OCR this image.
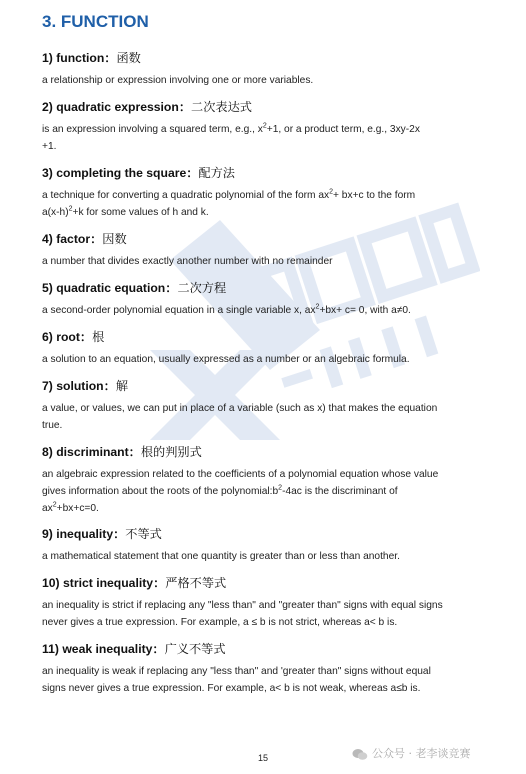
3. FUNCTION
1) function：函数
a relationship or expression involving one or more variables.
2) quadratic expression：二次表达式
is an expression involving a squared term, e.g., $x^2+1$, or a product term, e.g., 3xy-2x
+1.
3) completing the square：配方法
a technique for converting a quadratic polynomial of the form $ax^2+ bx+c$ to the form
$a(x-h)^2+k$ for some values of h and k.
4) factor：因数
a number that divides exactly another number with no remainder
5) quadratic equation：二次方程
a second-order polynomial equation in a single variable x, $ax^2+bx+ c= 0$, with a≠0.
6) root：根
a solution to an equation, usually expressed as a number or an algebraic formula.
7) solution：解
a value, or values, we can put in place of a variable (such as x) that makes the equation
true.
8) discriminant：根的判别式
an algebraic expression related to the coefficients of a polynomial equation whose value
gives information about the roots of the $polynomial:b^2-4ac$ is the discriminant of
$ax^2+bx+c=0$.
9) inequality：不等式
a mathematical statement that one quantity is greater than or less than another.
10) strict inequality：严格不等式
an inequality is strict if replacing any "less than" and "greater than" signs with equal signs
never gives a true expression. For example, a ≤ b is not strict, whereas a< b is.
11) weak inequality：广义不等式
an inequality is weak if replacing any "less than" and 'greater than" signs without equal
signs never gives a true expression. For example, a< b is not weak, whereas a≤b is.
15	公众号 · 老李谈竞赛
